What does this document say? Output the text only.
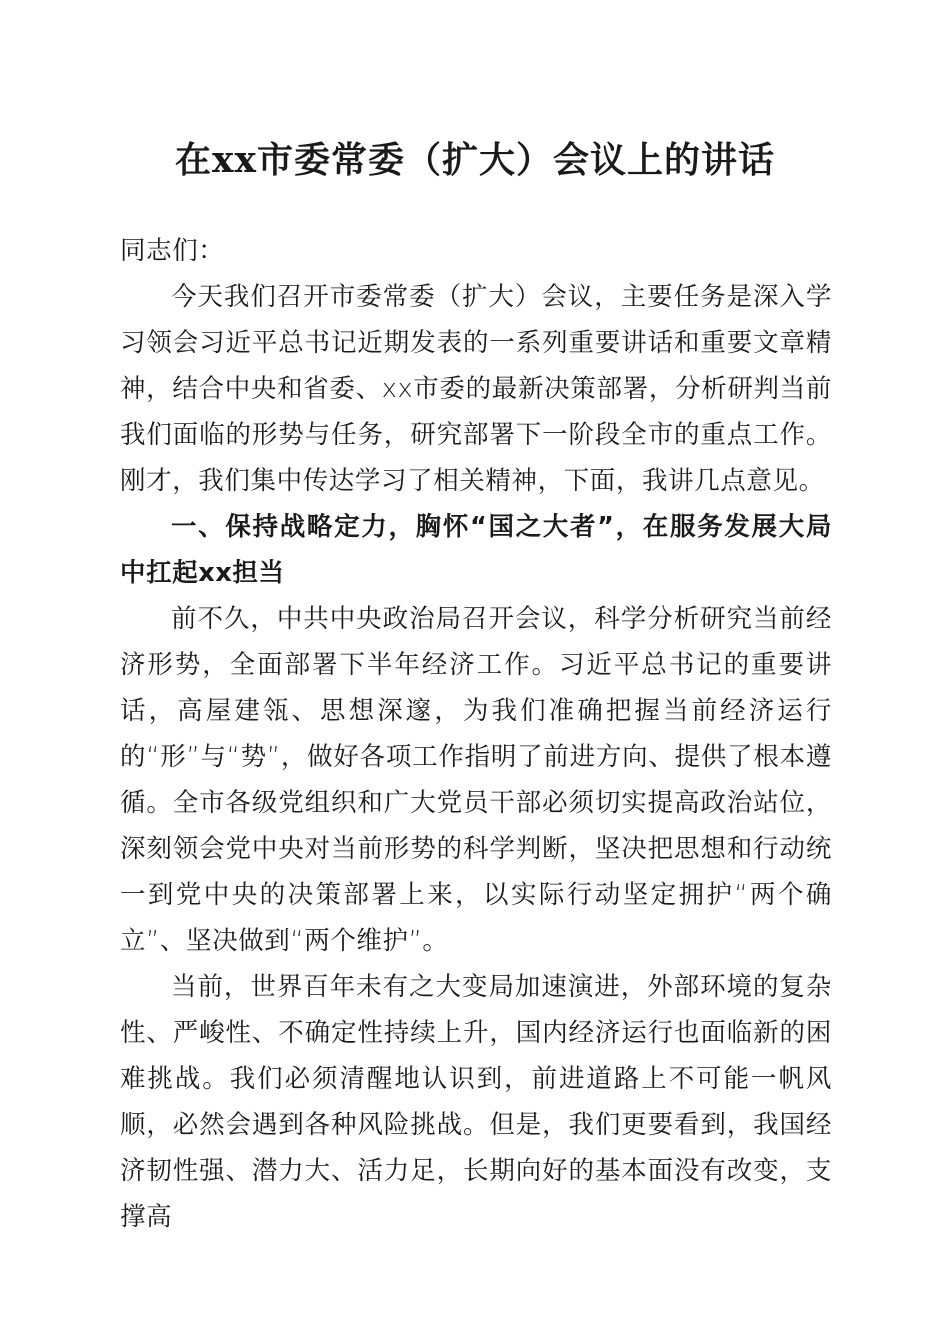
在xx市委常委（扩大）会议上的讲话

同志们：

今天我们召开市委常委（扩大）会议，主要任务是深入学习领会习近平总书记近期发表的一系列重要讲话和重要文章精神，结合中央和省委、xx市委的最新决策部署，分析研判当前我们面临的形势与任务，研究部署下一阶段全市的重点工作。刚才，我们集中传达学习了相关精神，下面，我讲几点意见。

一、保持战略定力，胸怀“国之大者”，在服务发展大局中扛起xx担当

前不久，中共中央政治局召开会议，科学分析研究当前经济形势，全面部署下半年经济工作。习近平总书记的重要讲话，高屋建瓴、思想深邃，为我们准确把握当前经济运行的“形”与“势”，做好各项工作指明了前进方向、提供了根本遵循。全市各级党组织和广大党员干部必须切实提高政治站位，深刻领会党中央对当前形势的科学判断，坚决把思想和行动统一到党中央的决策部署上来，以实际行动坚定拥护“两个确立”、坚决做到“两个维护”。

当前，世界百年未有之大变局加速演进，外部环境的复杂性、严峻性、不确定性持续上升，国内经济运行也面临新的困难挑战。我们必须清醒地认识到，前进道路上不可能一帆风顺，必然会遇到各种风险挑战。但是，我们更要看到，我国经济韧性强、潜力大、活力足，长期向好的基本面没有改变，支撑高
